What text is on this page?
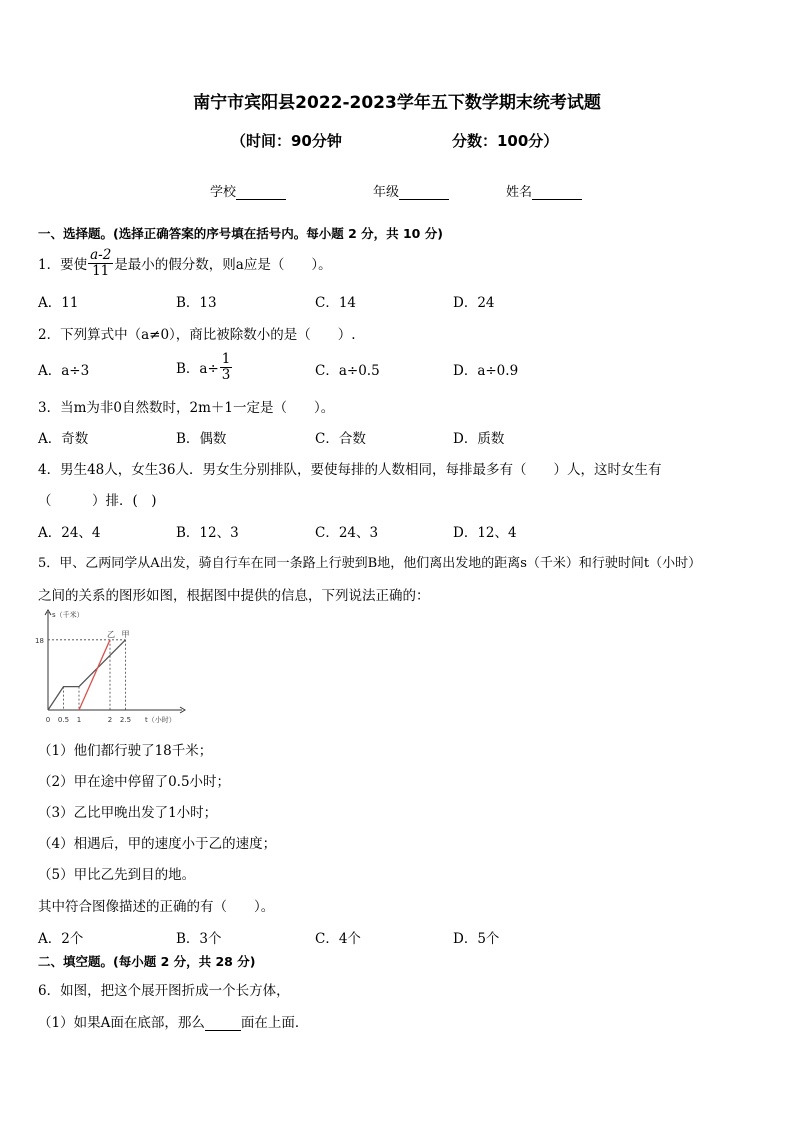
南宁市宾阳县2022-2023学年五下数学期末统考试题
（时间：90分钟	分数：100分）
学校	年级	姓名
一、选择题。(选择正确答案的序号填在括号内。每小题 2 分，共 10 分)
1．要使 $\frac{a-2}{11}$ 是最小的假分数，则a应是（　　）。
A．11	B．13	C．14	D．24
2．下列算式中（a≠0），商比被除数小的是（　　）.
A．a÷3	B．$a\div \frac{1}{3}$	C．a÷0.5	D．a÷0.9
3．当m为非0自然数时，2m＋1一定是（　　）。
A．奇数	B．偶数	C．合数	D．质数
4．男生48人，女生36人．男女生分别排队，要使每排的人数相同，每排最多有（　　）人，这时女生有
（　　　）排．(　)
A．24、4	B．12、3	C．24、3	D．12、4
5．甲、乙两同学从A出发，骑自行车在同一条路上行驶到B地，他们离出发地的距离s（千米）和行驶时间t（小时）
之间的关系的图形如图，根据图中提供的信息，下列说法正确的：
s（千米）
t（小时）
18
0 0.5 1	2 2.5
乙 甲
（1）他们都行驶了18千米；
（2）甲在途中停留了0.5小时；
（3）乙比甲晚出发了1小时；
（4）相遇后，甲的速度小于乙的速度；
（5）甲比乙先到目的地。
其中符合图像描述的正确的有（　　）。
A．2个	B．3个	C．4个	D．5个
二、填空题。(每小题 2 分，共 28 分)
6．如图，把这个展开图折成一个长方体，
（1）如果A面在底部，那么	面在上面．
